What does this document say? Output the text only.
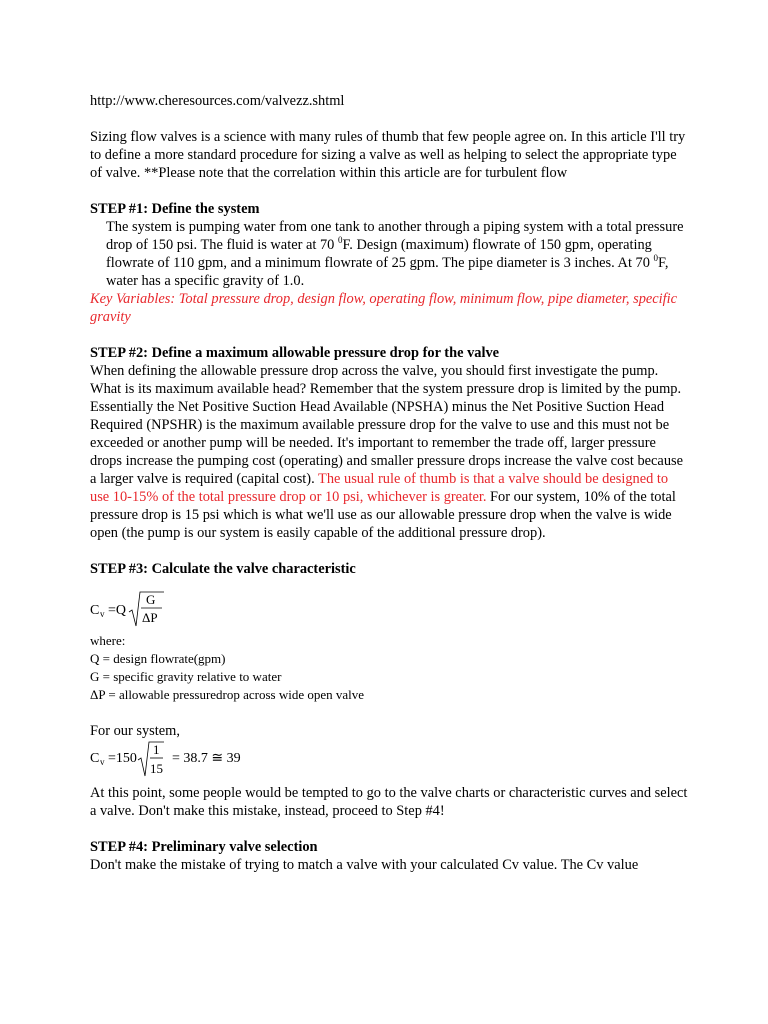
http://www.cheresources.com/valvezz.shtml

Sizing flow valves is a science with many rules of thumb that few people agree on. In this article I'll try to define a more standard procedure for sizing a valve as well as helping to select the appropriate type of valve. **Please note that the correlation within this article are for turbulent flow

STEP #1: Define the system

The system is pumping water from one tank to another through a piping system with a total pressure drop of 150 psi. The fluid is water at 70 $^0$F. Design (maximum) flowrate of 150 gpm, operating flowrate of 110 gpm, and a minimum flowrate of 25 gpm. The pipe diameter is 3 inches. At 70 $^0$F, water has a specific gravity of 1.0.

Key Variables: Total pressure drop, design flow, operating flow, minimum flow, pipe diameter, specific gravity

STEP #2: Define a maximum allowable pressure drop for the valve

When defining the allowable pressure drop across the valve, you should first investigate the pump. What is its maximum available head? Remember that the system pressure drop is limited by the pump. Essentially the Net Positive Suction Head Available (NPSHA) minus the Net Positive Suction Head Required (NPSHR) is the maximum available pressure drop for the valve to use and this must not be exceeded or another pump will be needed. It's important to remember the trade off, larger pressure drops increase the pumping cost (operating) and smaller pressure drops increase the valve cost because a larger valve is required (capital cost). The usual rule of thumb is that a valve should be designed to use 10-15% of the total pressure drop or 10 psi, whichever is greater. For our system, 10% of the total pressure drop is 15 psi which is what we'll use as our allowable pressure drop when the valve is wide open (the pump is our system is easily capable of the additional pressure drop).

STEP #3: Calculate the valve characteristic

C v =Q
G
ΔP

where:

Q = design flowrate(gpm)

G = specific gravity relative to water

ΔP = allowable pressuredrop across wide open valve

For our system,

C v =150
1
15
= 38.7 ≅ 39

At this point, some people would be tempted to go to the valve charts or characteristic curves and select a valve. Don't make this mistake, instead, proceed to Step #4!

STEP #4: Preliminary valve selection

Don't make the mistake of trying to match a valve with your calculated Cv value. The Cv value
